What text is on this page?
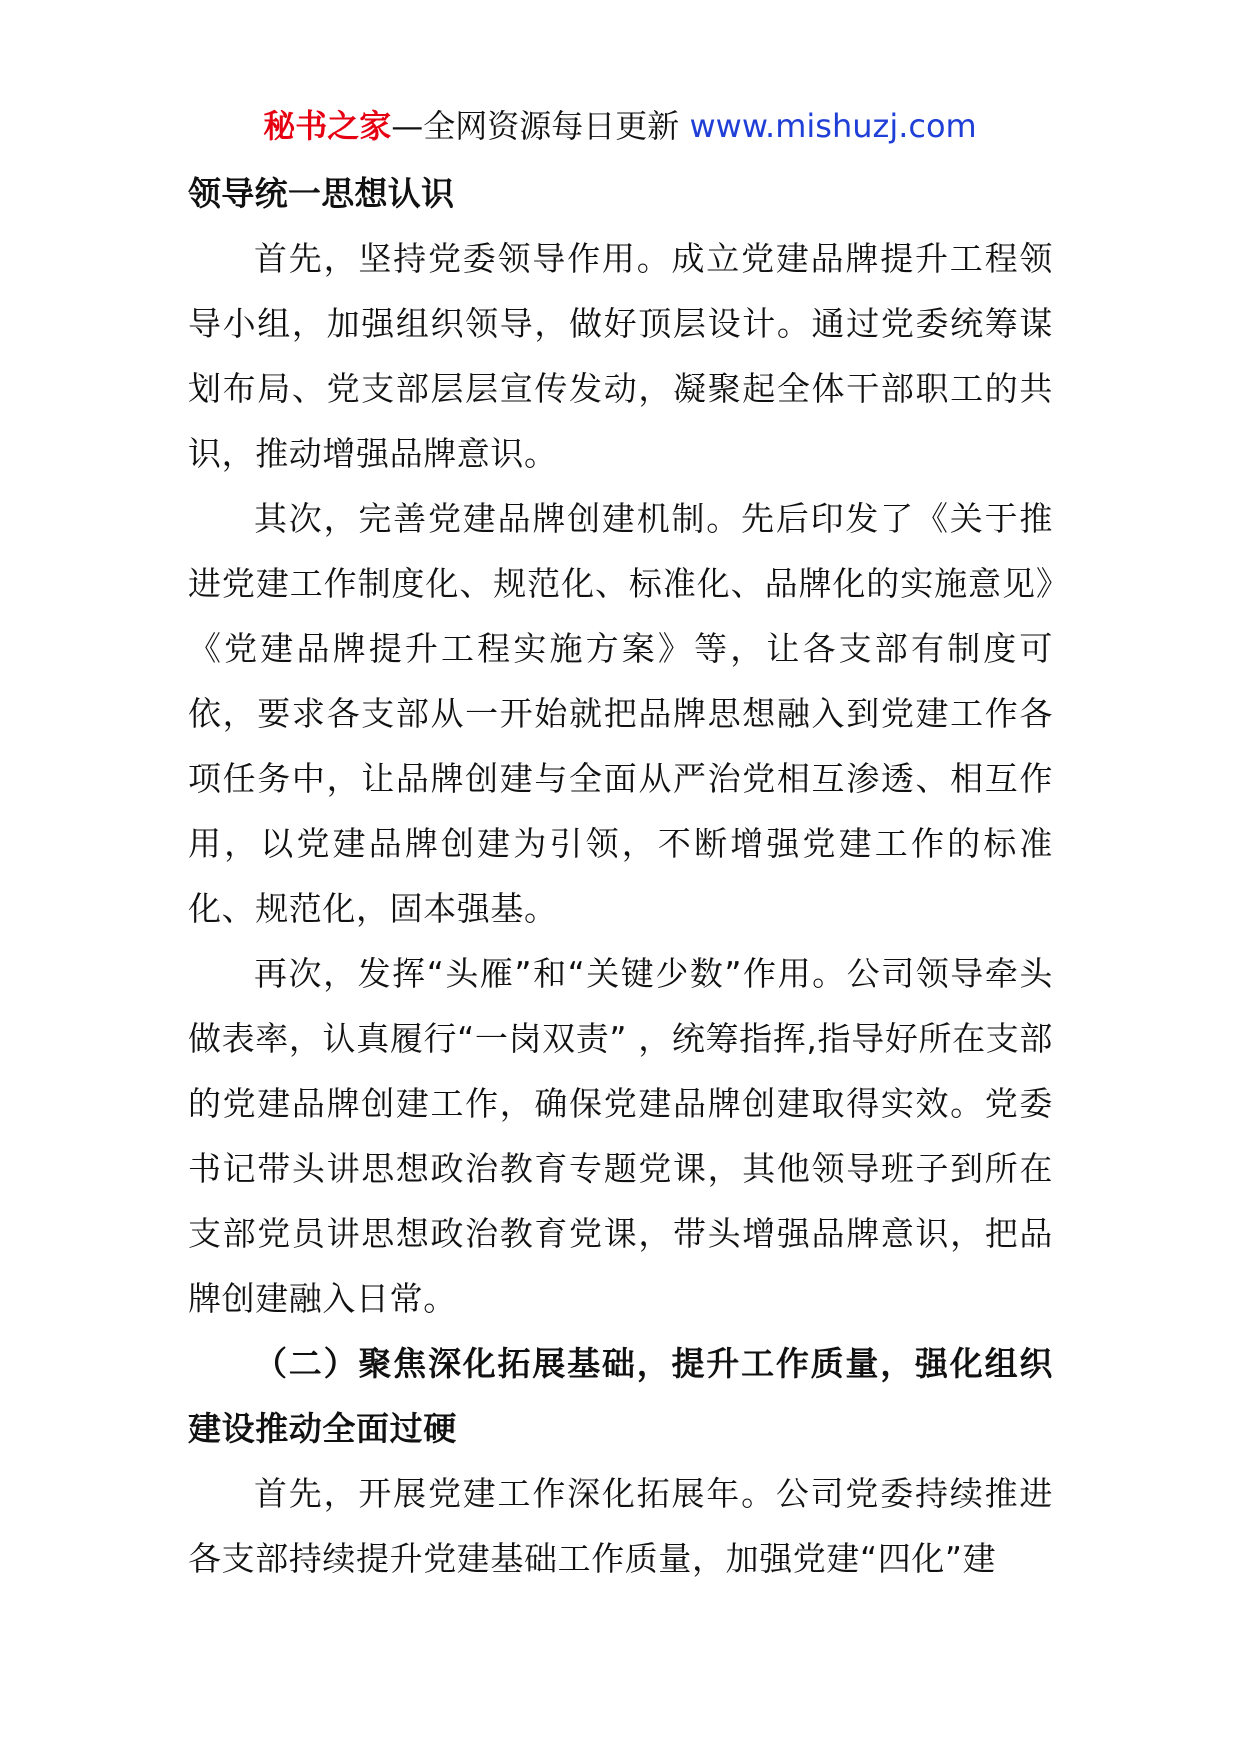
秘书之家—全网资源每日更新 www.mishuzj.com
领导统一思想认识

首先，坚持党委领导作用。成立党建品牌提升工程领导小组，加强组织领导，做好顶层设计。通过党委统筹谋划布局、党支部层层宣传发动，凝聚起全体干部职工的共识，推动增强品牌意识。

其次，完善党建品牌创建机制。先后印发了《关于推进党建工作制度化、规范化、标准化、品牌化的实施意见》《党建品牌提升工程实施方案》等，让各支部有制度可依，要求各支部从一开始就把品牌思想融入到党建工作各项任务中，让品牌创建与全面从严治党相互渗透、相互作用，以党建品牌创建为引领，不断增强党建工作的标准化、规范化，固本强基。

再次，发挥“头雁”和“关键少数”作用。公司领导牵头做表率，认真履行“一岗双责” ，统筹指挥,指导好所在支部的党建品牌创建工作，确保党建品牌创建取得实效。党委书记带头讲思想政治教育专题党课，其他领导班子到所在支部党员讲思想政治教育党课，带头增强品牌意识，把品牌创建融入日常。

（二）聚焦深化拓展基础，提升工作质量，强化组织建设推动全面过硬

首先，开展党建工作深化拓展年。公司党委持续推进各支部持续提升党建基础工作质量，加强党建“四化”建
